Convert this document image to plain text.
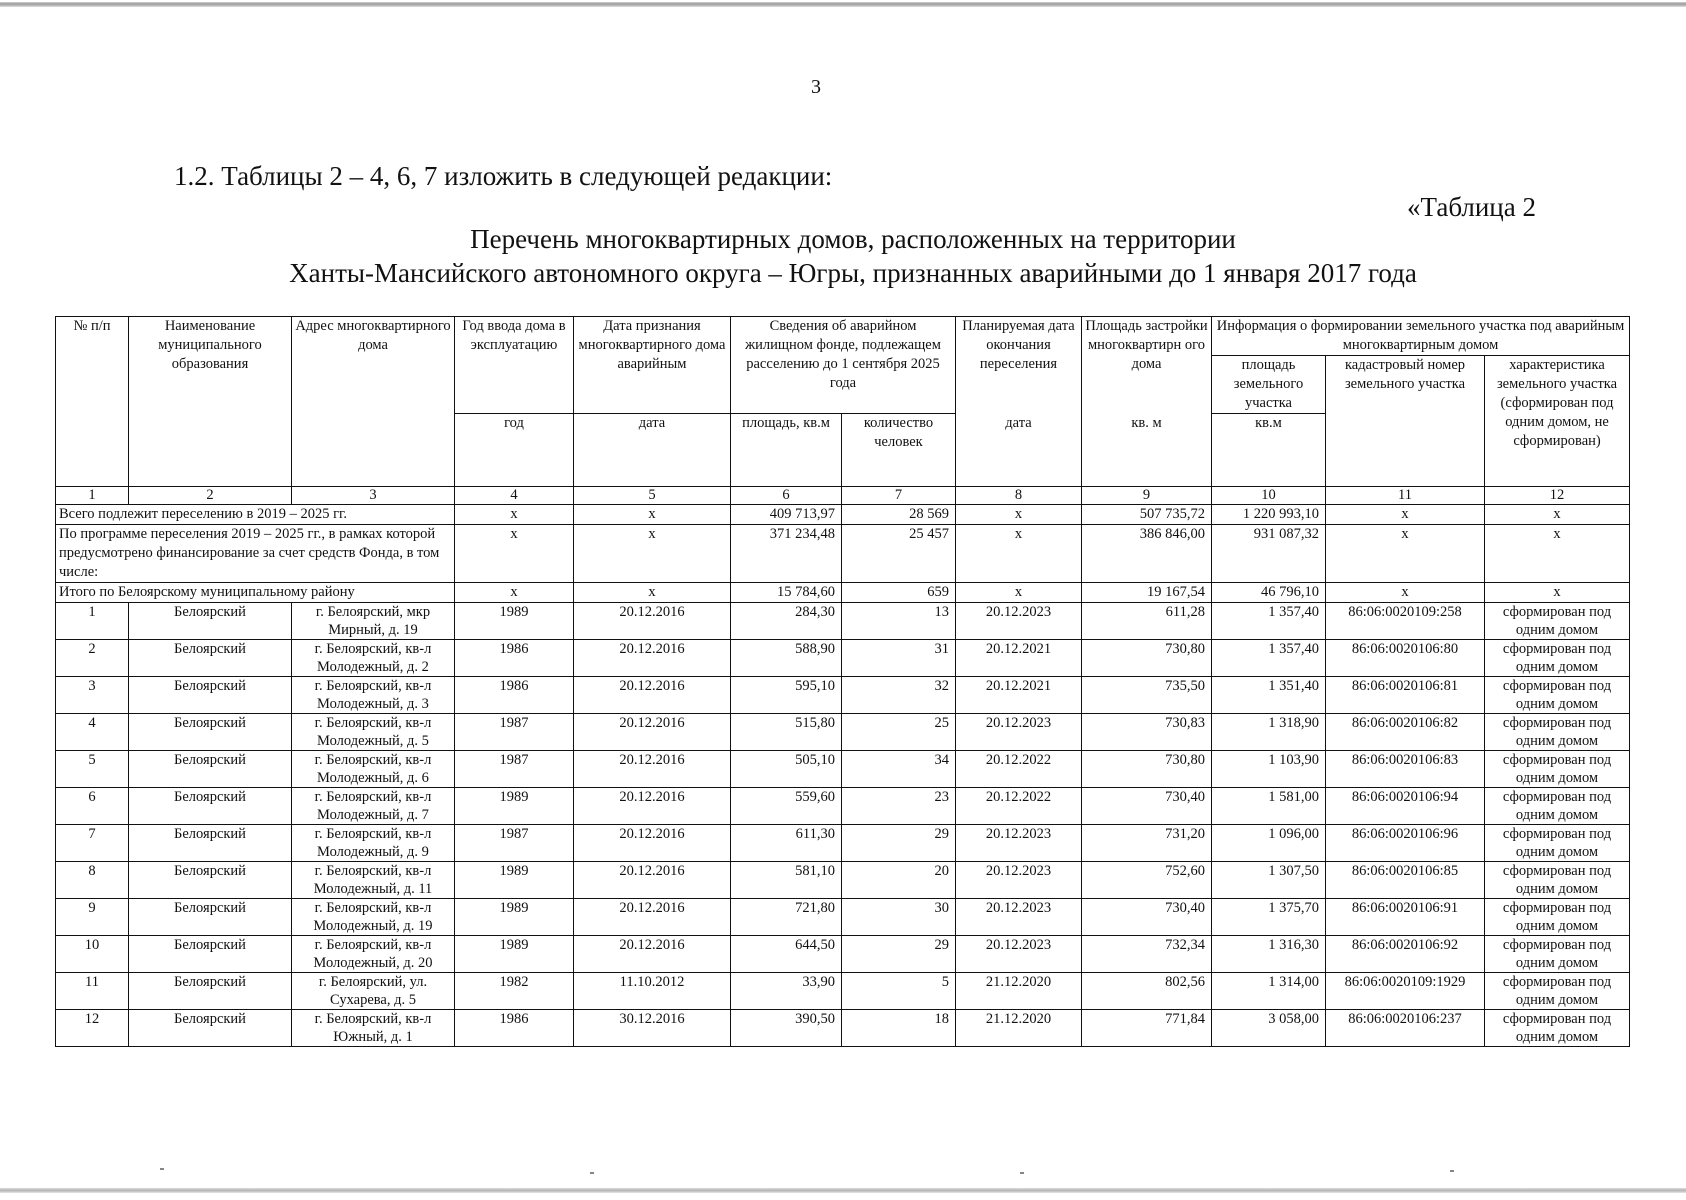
3
1.2. Таблицы 2 – 4, 6, 7 изложить в следующей редакции:
«Таблица 2
Перечень многоквартирных домов, расположенных на территории
Ханты-Мансийского автономного округа – Югры, признанных аварийными до 1 января 2017 года
№ п/п	Наименование муниципального образования	Адрес многоквартирного дома	Год ввода дома в эксплуатацию	Дата признания многоквартирного дома аварийным	Сведения об аварийном жилищном фонде, подлежащем расселению до 1 сентября 2025 года		Планируемая дата окончания переселения	Площадь застройки многоквартирн ого дома	Информация о формировании земельного участка под аварийным многоквартирным домом		
									площадь земельного участка	кадастровый номер земельного участка	характеристика земельного участка (сформирован под одним домом, не сформирован)
			год	дата	площадь, кв.м	количество человек	дата	кв. м	кв.м		
1	2	3	4	5	6	7	8	9	10	11	12
Всего подлежит переселению в 2019 – 2025 гг.			х	х	409 713,97	28 569	х	507 735,72	1 220 993,10	х	х
По программе переселения 2019 – 2025 гг., в рамках которой предусмотрено финансирование за счет средств Фонда, в том числе:			х	х	371 234,48	25 457	х	386 846,00	931 087,32	х	х
Итого по Белоярскому муниципальному району			х	х	15 784,60	659	х	19 167,54	46 796,10	х	х
1	Белоярский	г. Белоярский, мкр Мирный, д. 19	1989	20.12.2016	284,30	13	20.12.2023	611,28	1 357,40	86:06:0020109:258	сформирован под одним домом
2	Белоярский	г. Белоярский, кв-л Молодежный, д. 2	1986	20.12.2016	588,90	31	20.12.2021	730,80	1 357,40	86:06:0020106:80	сформирован под одним домом
3	Белоярский	г. Белоярский, кв-л Молодежный, д. 3	1986	20.12.2016	595,10	32	20.12.2021	735,50	1 351,40	86:06:0020106:81	сформирован под одним домом
4	Белоярский	г. Белоярский, кв-л Молодежный, д. 5	1987	20.12.2016	515,80	25	20.12.2023	730,83	1 318,90	86:06:0020106:82	сформирован под одним домом
5	Белоярский	г. Белоярский, кв-л Молодежный, д. 6	1987	20.12.2016	505,10	34	20.12.2022	730,80	1 103,90	86:06:0020106:83	сформирован под одним домом
6	Белоярский	г. Белоярский, кв-л Молодежный, д. 7	1989	20.12.2016	559,60	23	20.12.2022	730,40	1 581,00	86:06:0020106:94	сформирован под одним домом
7	Белоярский	г. Белоярский, кв-л Молодежный, д. 9	1987	20.12.2016	611,30	29	20.12.2023	731,20	1 096,00	86:06:0020106:96	сформирован под одним домом
8	Белоярский	г. Белоярский, кв-л Молодежный, д. 11	1989	20.12.2016	581,10	20	20.12.2023	752,60	1 307,50	86:06:0020106:85	сформирован под одним домом
9	Белоярский	г. Белоярский, кв-л Молодежный, д. 19	1989	20.12.2016	721,80	30	20.12.2023	730,40	1 375,70	86:06:0020106:91	сформирован под одним домом
10	Белоярский	г. Белоярский, кв-л Молодежный, д. 20	1989	20.12.2016	644,50	29	20.12.2023	732,34	1 316,30	86:06:0020106:92	сформирован под одним домом
11	Белоярский	г. Белоярский, ул. Сухарева, д. 5	1982	11.10.2012	33,90	5	21.12.2020	802,56	1 314,00	86:06:0020109:1929	сформирован под одним домом
12	Белоярский	г. Белоярский, кв-л Южный, д. 1	1986	30.12.2016	390,50	18	21.12.2020	771,84	3 058,00	86:06:0020106:237	сформирован под одним домом
